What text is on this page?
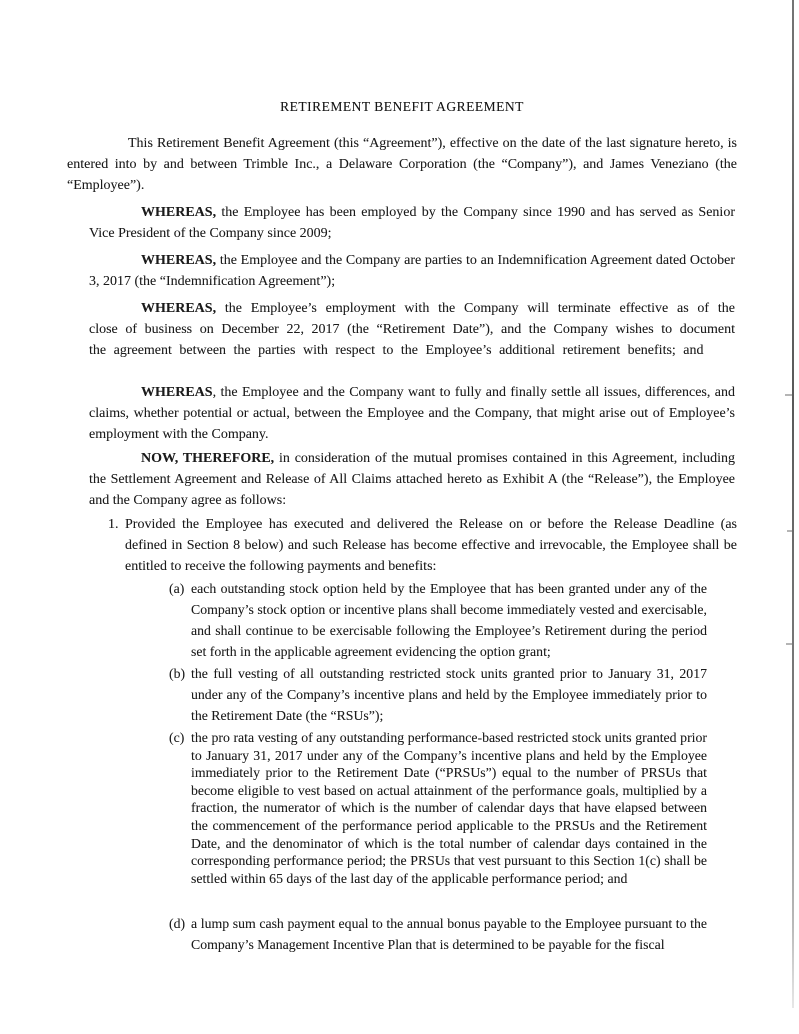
RETIREMENT BENEFIT AGREEMENT

This Retirement Benefit Agreement (this “Agreement”), effective on the date of the last signature hereto, is entered into by and between Trimble Inc., a Delaware Corporation (the “Company”), and James Veneziano (the “Employee”).

WHEREAS, the Employee has been employed by the Company since 1990 and has served as Senior Vice President of the Company since 2009;

WHEREAS, the Employee and the Company are parties to an Indemnification Agreement dated October 3, 2017 (the “Indemnification Agreement”);

WHEREAS, the Employee’s employment with the Company will terminate effective as of the close of business on December 22, 2017 (the “Retirement Date”), and the Company wishes to document the agreement between the parties with respect to the Employee’s additional retirement benefits; and

WHEREAS, the Employee and the Company want to fully and finally settle all issues, differences, and claims, whether potential or actual, between the Employee and the Company, that might arise out of Employee’s employment with the Company.

NOW, THEREFORE, in consideration of the mutual promises contained in this Agreement, including the Settlement Agreement and Release of All Claims attached hereto as Exhibit A (the “Release”), the Employee and the Company agree as follows:

1. Provided the Employee has executed and delivered the Release on or before the Release Deadline (as defined in Section 8 below) and such Release has become effective and irrevocable, the Employee shall be entitled to receive the following payments and benefits:
(a) each outstanding stock option held by the Employee that has been granted under any of the Company’s stock option or incentive plans shall become immediately vested and exercisable, and shall continue to be exercisable following the Employee’s Retirement during the period set forth in the applicable agreement evidencing the option grant;
(b) the full vesting of all outstanding restricted stock units granted prior to January 31, 2017 under any of the Company’s incentive plans and held by the Employee immediately prior to the Retirement Date (the “RSUs”);
(c) the pro rata vesting of any outstanding performance-based restricted stock units granted prior to January 31, 2017 under any of the Company’s incentive plans and held by the Employee immediately prior to the Retirement Date (“PRSUs”) equal to the number of PRSUs that become eligible to vest based on actual attainment of the performance goals, multiplied by a fraction, the numerator of which is the number of calendar days that have elapsed between the commencement of the performance period applicable to the PRSUs and the Retirement Date, and the denominator of which is the total number of calendar days contained in the corresponding performance period; the PRSUs that vest pursuant to this Section 1(c) shall be settled within 65 days of the last day of the applicable performance period; and
(d) a lump sum cash payment equal to the annual bonus payable to the Employee pursuant to the Company’s Management Incentive Plan that is determined to be payable for the fiscal
